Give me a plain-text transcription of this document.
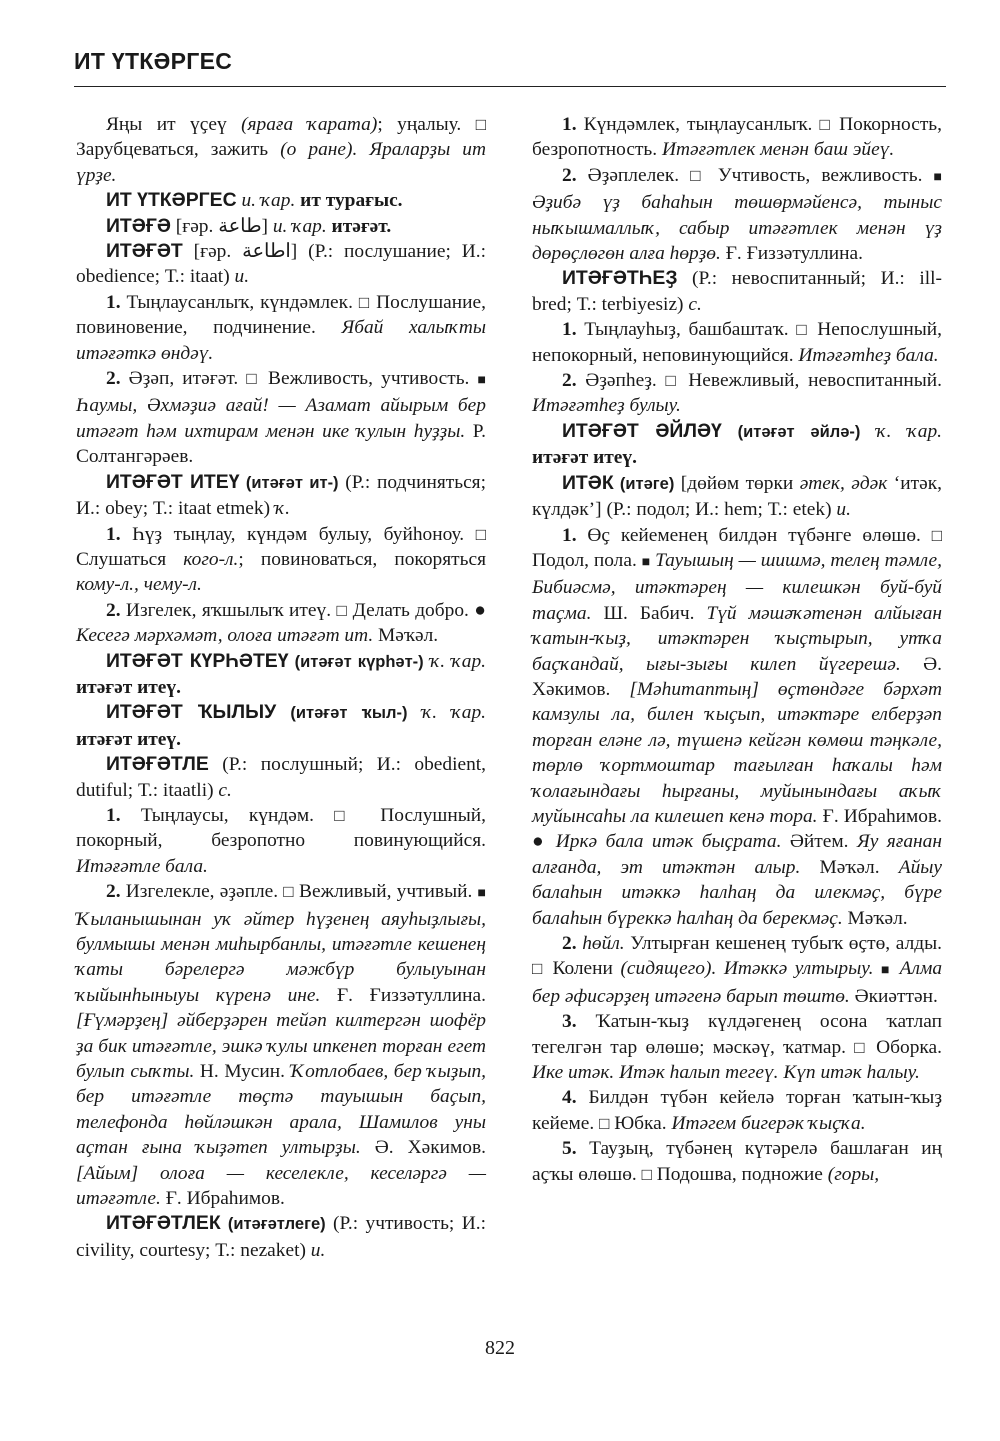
ИТ ҮТКӘРГЕС

Яңы ит үҫеү (яраға ҡарата); уңалыу. □ Зарубцеваться, зажить (о ране). Яраларҙы ит үрҙе.

ИТ ҮТКӘРГЕС и. ҡар. ит турағыс.

ИТӘҒӘ [ғәр. طاعة] и. ҡар. итәғәт.

ИТӘҒӘТ [ғәр. اطاعة] (Р.: послушание; И.: obedience; Т.: itaat) и.

1. Тыңлаусанлыҡ, күндәмлек. □ Послушание, повиновение, подчинение. Ябай халыҡты итәғәткә өндәү.

2. Әҙәп, итәғәт. □ Вежливость, учтивость. ■ Һаумы, Әхмәҙиә ағай! — Азамат айырым бер итәғәт һәм ихтирам менән ике ҡулын һуҙҙы. Р. Солтангәрәев.

ИТӘҒӘТ ИТЕҮ (итәғәт ит-) (Р.: подчиняться; И.: obey; Т.: itaat etmek) ҡ.

1. Һүҙ тыңлау, күндәм булыу, буйһоноу. □ Слушаться кого-л.; повиноваться, покоряться кому-л., чему-л.

2. Изгелек, яҡшылыҡ итеү. □ Делать добро. ● Кесегә мәрхәмәт, олоға итәғәт ит. Мәҡәл.

ИТӘҒӘТ КҮРҺӘТЕҮ (итәғәт күрһәт-) ҡ. ҡар. итәғәт итеү.

ИТӘҒӘТ ҠЫЛЫУ (итәғәт ҡыл-) ҡ. ҡар. итәғәт итеү.

ИТӘҒӘТЛЕ (Р.: послушный; И.: obedient, dutiful; Т.: itaatli) с.

1. Тыңлаусы, күндәм. □ Послушный, покорный, безропотно повинующийся. Итәғәтле бала.

2. Изгелекле, әҙәпле. □ Вежливый, учтивый. ■ Ҡыланышынан уҡ әйтер һүҙенең аяуһыҙлығы, булмышы менән миһырбанлы, итәғәтле кешенең ҡаты бәрелергә мәжбүр булыуынан ҡыйынһыныуы күренә ине. Ғ. Ғиззәтуллина. [Ғүмәрҙең] әйберҙәрен тейәп килтергән шофёр ҙа бик итәғәтле, эшкә ҡулы ипкенеп торған егет булып сыҡты. Н. Мусин. Ҡотлобаев, бер ҡыҙып, бер итәғәтле төҫтә тауышын баҫып, телефонда һөйләшкән арала, Шамилов уны аҫтан ғына ҡыҙәтеп ултырҙы. Ә. Хәкимов. [Айым] олоға — кеселекле, кеселәргә — итәғәтле. Ғ. Ибраһимов.

ИТӘҒӘТЛЕК (итәғәтлеге) (Р.: учтивость; И.: civility, courtesy; Т.: nezaket) и.

1. Күндәмлек, тыңлаусанлыҡ. □ Покорность, безропотность. Итәғәтлек менән баш эйеү.

2. Әҙәплелек. □ Учтивость, вежливость. ■ Әҙибә үҙ баһаһын төшөрмәйенсә, тыныс ныҡышмаллыҡ, сабыр итәғәтлек менән үҙ дөрөҫлөгөн алға һөрҙө. Ғ. Ғиззәтуллина.

ИТӘҒӘТҺЕҘ (Р.: невоспитанный; И.: ill-bred; Т.: terbiyesiz) с.

1. Тыңлауһыҙ, башбаштаҡ. □ Непослушный, непокорный, неповинующийся. Итәғәтһеҙ бала.

2. Әҙәпһеҙ. □ Невежливый, невоспитанный. Итәғәтһеҙ булыу.

ИТӘҒӘТ ӘЙЛӘҮ (итәғәт әйлә-) ҡ. ҡар. итәғәт итеү.

ИТӘК (итәге) [дөйөм төрки әтек, әдәк ‘итәк, күлдәк’] (Р.: подол; И.: hem; Т.: etek) и.

1. Өҫ кейеменең билдән түбәнге өлөшө. □ Подол, пола. ■ Тауышың — шишмә, телең тәмле, Бибиәсмә, итәктәрең — килешкән буй-буй таҫма. Ш. Бабич. Түй мәшәҡәтенән алйыған ҡатын-ҡыҙ, итәктәрен ҡыҫтырып, утҡа баҫҡандай, ығы-зығы килеп йүгерешә. Ә. Хәкимов. [Мәһитаптың] өҫтөндәге бәрхәт камзулы ла, билен ҡыҫып, итәктәре елберҙәп торған еләне лә, түшенә кейгән көмөш тәңкәле, төрлө ҡортмоштар тағылған һаҡалы һәм ҡолағындағы һырғаны, муйынындағы аҡыҡ муйынсаһы ла килешеп кенә тора. Ғ. Ибраһимов. ● Иркә бала итәк быҫрата. Әйтем. Яу яғанан алғанда, эт итәктән алыр. Мәҡәл. Айыу балаһын итәккә һалһаң да илекмәҫ, бүре балаһын бүреккә һалһаң да берекмәҫ. Мәҡәл.

2. һөйл. Ултырған кешенең тубыҡ өҫтө, алды. □ Колени (сидящего). Итәккә ултырыу. ■ Алма бер әфисәрҙең итәгенә барып төштө. Әкиәттән.

3. Ҡатын-ҡыҙ күлдәгенең осона ҡатлап тегелгән тар өлөшө; мәскәү, ҡатмар. □ Оборка. Ике итәк. Итәк һалып тегеү. Күп итәк һалыу.

4. Билдән түбән кейелә торған ҡатын-ҡыҙ кейеме. □ Юбка. Итәгем бигерәк ҡыҫҡа.

5. Тауҙың, түбәнең күтәрелә башлаған иң аҫҡы өлөшө. □ Подошва, подножие (горы,

822
